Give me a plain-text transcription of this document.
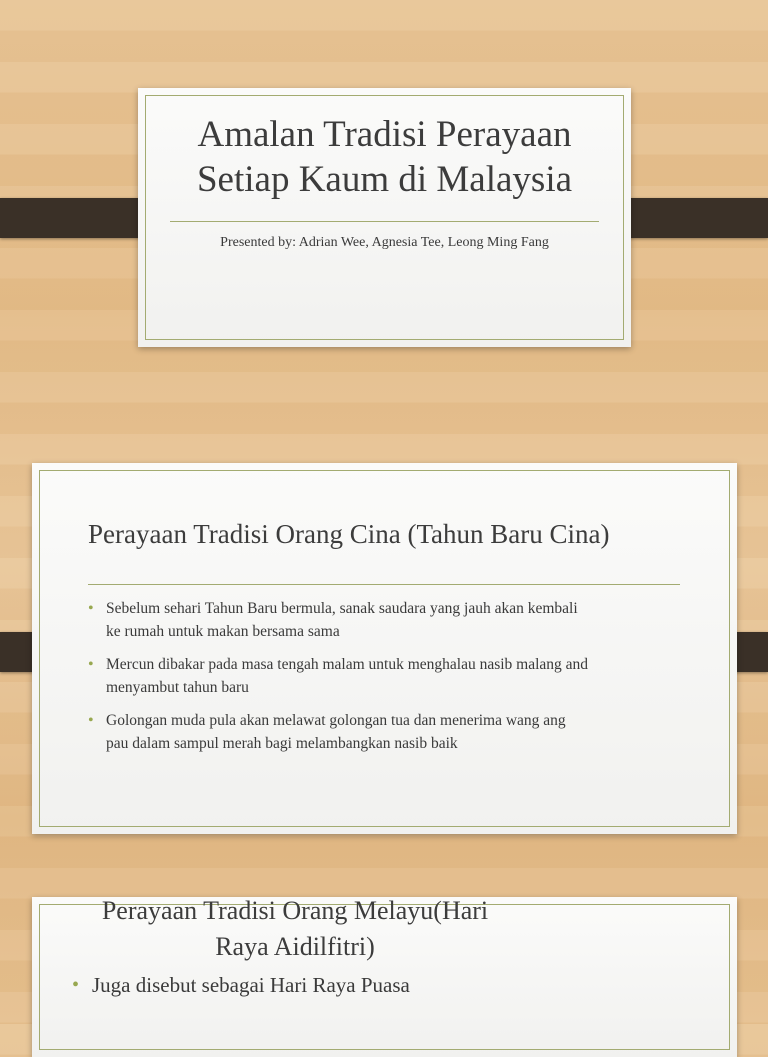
Amalan Tradisi Perayaan
Setiap Kaum di Malaysia
Presented by: Adrian Wee, Agnesia Tee, Leong Ming Fang
Perayaan Tradisi Orang Cina (Tahun Baru Cina)
• Sebelum sehari Tahun Baru bermula, sanak saudara yang jauh akan kembali
ke rumah untuk makan bersama sama
• Mercun dibakar pada masa tengah malam untuk menghalau nasib malang and
menyambut tahun baru
• Golongan muda pula akan melawat golongan tua dan menerima wang ang
pau dalam sampul merah bagi melambangkan nasib baik
Perayaan Tradisi Orang Melayu(Hari
Raya Aidilfitri)
• Juga disebut sebagai Hari Raya Puasa
